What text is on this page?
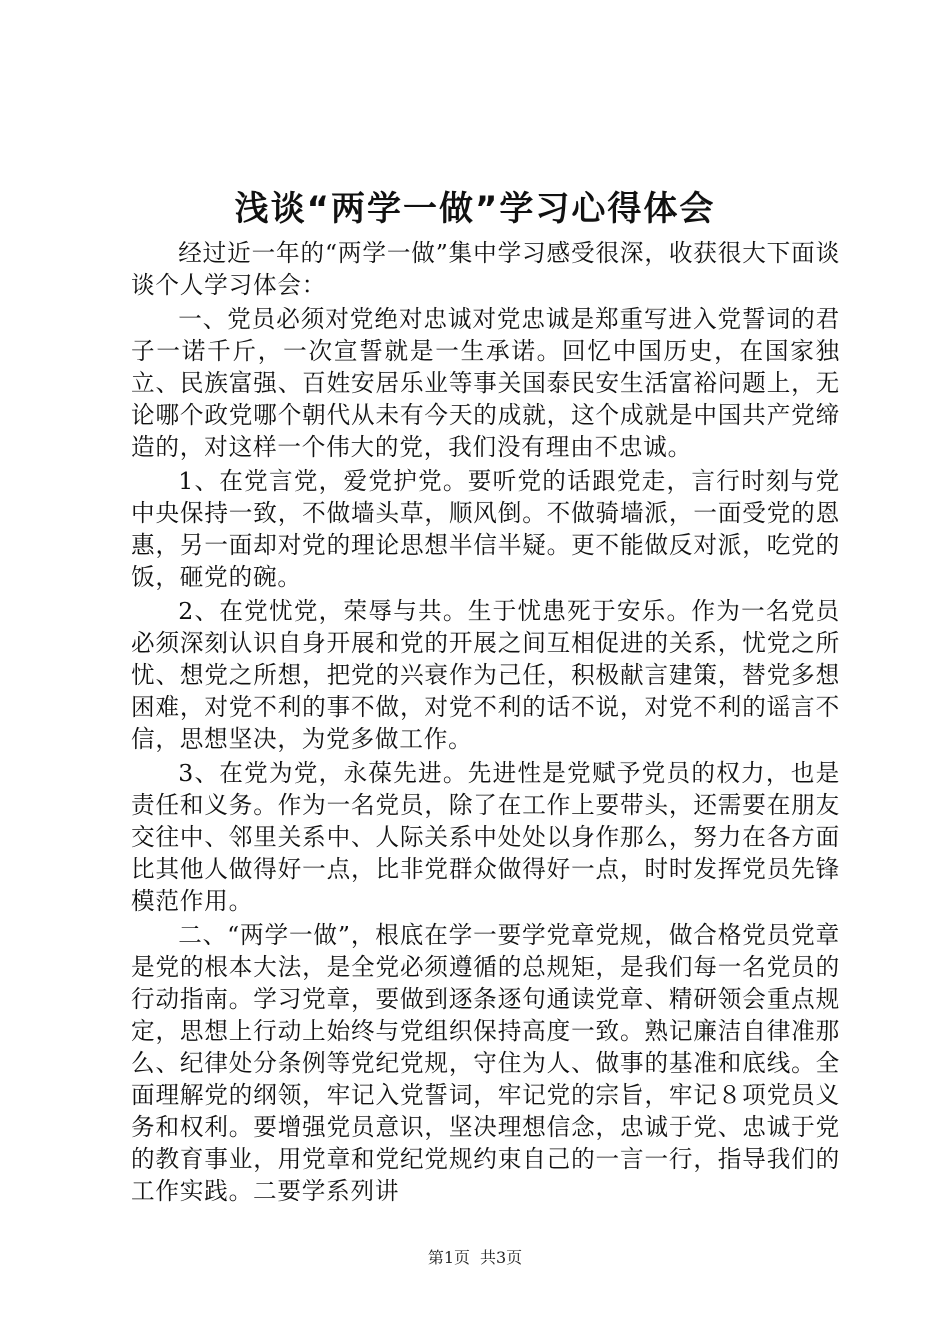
浅谈“两学一做”学习心得体会

经过近一年的“两学一做”集中学习感受很深，收获很大下面谈谈个人学习体会：

一、党员必须对党绝对忠诚对党忠诚是郑重写进入党誓词的君子一诺千斤，一次宣誓就是一生承诺。回忆中国历史，在国家独立、民族富强、百姓安居乐业等事关国泰民安生活富裕问题上，无论哪个政党哪个朝代从未有今天的成就，这个成就是中国共产党缔造的，对这样一个伟大的党，我们没有理由不忠诚。

1、在党言党，爱党护党。要听党的话跟党走，言行时刻与党中央保持一致，不做墙头草，顺风倒。不做骑墙派，一面受党的恩惠，另一面却对党的理论思想半信半疑。更不能做反对派，吃党的饭，砸党的碗。

2、在党忧党，荣辱与共。生于忧患死于安乐。作为一名党员必须深刻认识自身开展和党的开展之间互相促进的关系，忧党之所忧、想党之所想，把党的兴衰作为己任，积极献言建策，替党多想困难，对党不利的事不做，对党不利的话不说，对党不利的谣言不信，思想坚决，为党多做工作。

3、在党为党，永葆先进。先进性是党赋予党员的权力，也是责任和义务。作为一名党员，除了在工作上要带头，还需要在朋友交往中、邻里关系中、人际关系中处处以身作那么，努力在各方面比其他人做得好一点，比非党群众做得好一点，时时发挥党员先锋模范作用。

二、“两学一做”，根底在学一要学党章党规，做合格党员党章是党的根本大法，是全党必须遵循的总规矩，是我们每一名党员的行动指南。学习党章，要做到逐条逐句通读党章、精研领会重点规定，思想上行动上始终与党组织保持高度一致。熟记廉洁自律准那么、纪律处分条例等党纪党规，守住为人、做事的基准和底线。全面理解党的纲领，牢记入党誓词，牢记党的宗旨，牢记８项党员义务和权利。要增强党员意识，坚决理想信念，忠诚于党、忠诚于党的教育事业，用党章和党纪党规约束自己的一言一行，指导我们的工作实践。二要学系列讲

第1页 共3页
